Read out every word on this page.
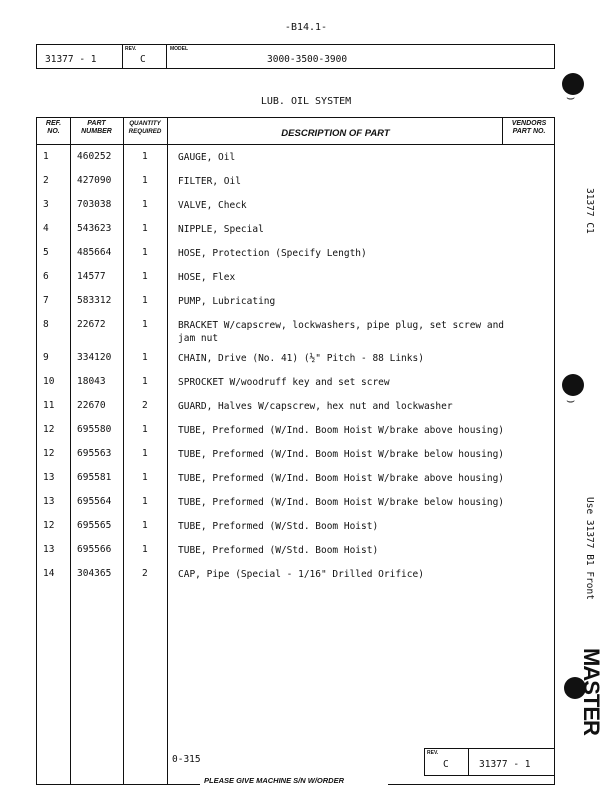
-B14.1-
31377 - 1
REV.
C
MODEL
3000-3500-3900
LUB. OIL SYSTEM
REF.
NO.
PART
NUMBER
QUANTITY
REQUIRED	DESCRIPTION OF PART
VENDORS
PART NO.
1	460252	1	GAUGE, Oil
2	427090	1	FILTER, Oil
3	703038	1	VALVE, Check
4	543623	1	NIPPLE, Special
5	485664	1	HOSE, Protection (Specify Length)
6	14577	1	HOSE, Flex
7	583312	1	PUMP, Lubricating
8	22672	1	BRACKET W/capscrew, lockwashers, pipe plug, set screw and jam nut
9	334120	1	CHAIN, Drive (No. 41) (½" Pitch - 88 Links)
10 18043	1	SPROCKET W/woodruff key and set screw
11 22670	2	GUARD, Halves W/capscrew, hex nut and lockwasher
12 695580	1	TUBE, Preformed (W/Ind. Boom Hoist W/brake above housing)
12 695563	1	TUBE, Preformed (W/Ind. Boom Hoist W/brake below housing)
13 695581	1	TUBE, Preformed (W/Ind. Boom Hoist W/brake above housing)
13 695564	1	TUBE, Preformed (W/Ind. Boom Hoist W/brake below housing)
12 695565	1	TUBE, Preformed (W/Std. Boom Hoist)
13 695566	1	TUBE, Preformed (W/Std. Boom Hoist)
14 304365	2	CAP, Pipe (Special - 1/16" Drilled Orifice)
0-315
REV.
C	31377 - 1
PLEASE GIVE MACHINE S/N W/ORDER
⌣
⌣
31377 C1
Use 31377 B1 Front
MASTER
